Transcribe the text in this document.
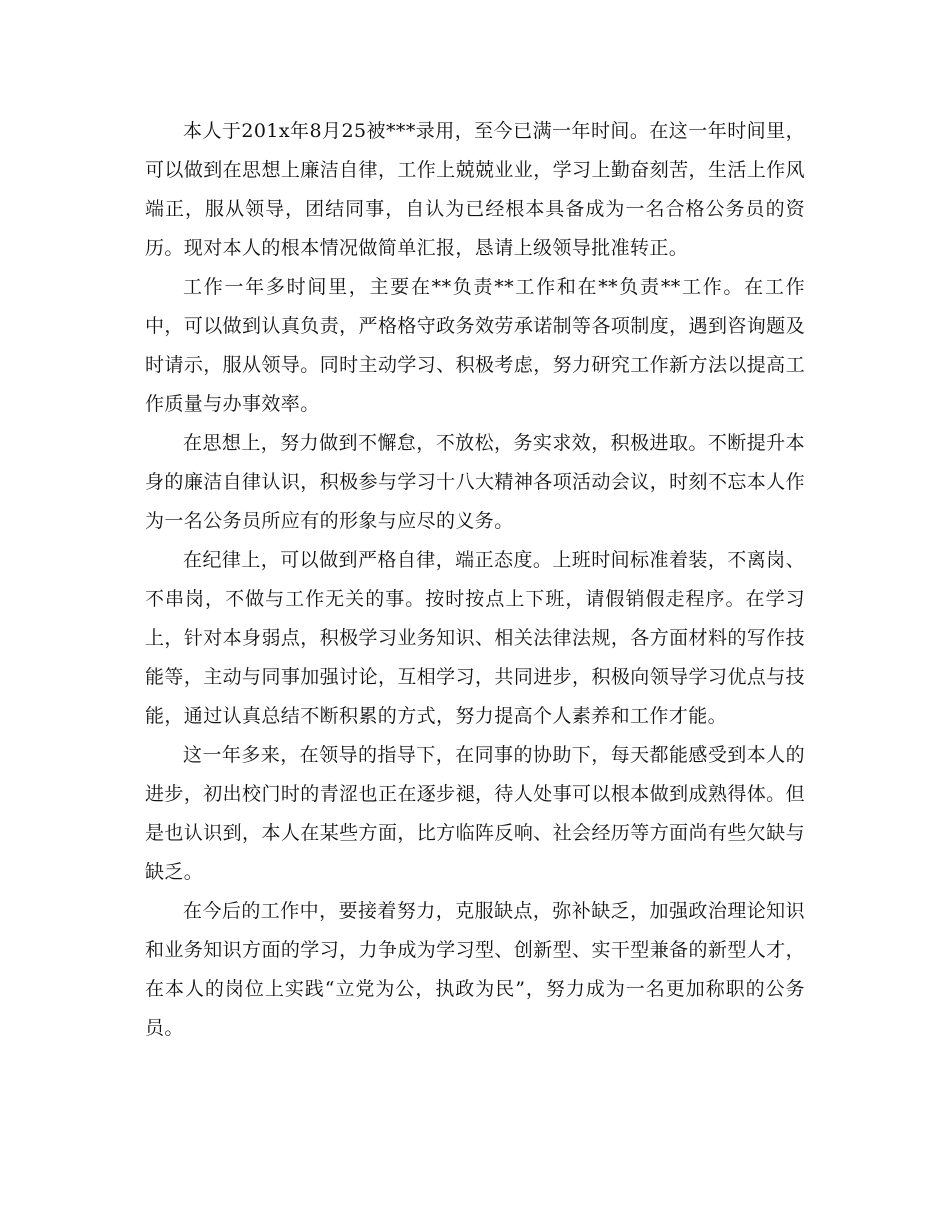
本人于201x年8月25被***录用，至今已满一年时间。在这一年时间里，可以做到在思想上廉洁自律，工作上兢兢业业，学习上勤奋刻苦，生活上作风端正，服从领导，团结同事，自认为已经根本具备成为一名合格公务员的资历。现对本人的根本情况做简单汇报，恳请上级领导批准转正。

工作一年多时间里，主要在**负责**工作和在**负责**工作。在工作中，可以做到认真负责，严格格守政务效劳承诺制等各项制度，遇到咨询题及时请示，服从领导。同时主动学习、积极考虑，努力研究工作新方法以提高工作质量与办事效率。

在思想上，努力做到不懈怠，不放松，务实求效，积极进取。不断提升本身的廉洁自律认识，积极参与学习十八大精神各项活动会议，时刻不忘本人作为一名公务员所应有的形象与应尽的义务。

在纪律上，可以做到严格自律，端正态度。上班时间标准着装，不离岗、不串岗，不做与工作无关的事。按时按点上下班，请假销假走程序。在学习上，针对本身弱点，积极学习业务知识、相关法律法规，各方面材料的写作技能等，主动与同事加强讨论，互相学习，共同进步，积极向领导学习优点与技能，通过认真总结不断积累的方式，努力提高个人素养和工作才能。

这一年多来，在领导的指导下，在同事的协助下，每天都能感受到本人的进步，初出校门时的青涩也正在逐步褪，待人处事可以根本做到成熟得体。但是也认识到，本人在某些方面，比方临阵反响、社会经历等方面尚有些欠缺与缺乏。

在今后的工作中，要接着努力，克服缺点，弥补缺乏，加强政治理论知识和业务知识方面的学习，力争成为学习型、创新型、实干型兼备的新型人才，在本人的岗位上实践“立党为公，执政为民”，努力成为一名更加称职的公务员。
